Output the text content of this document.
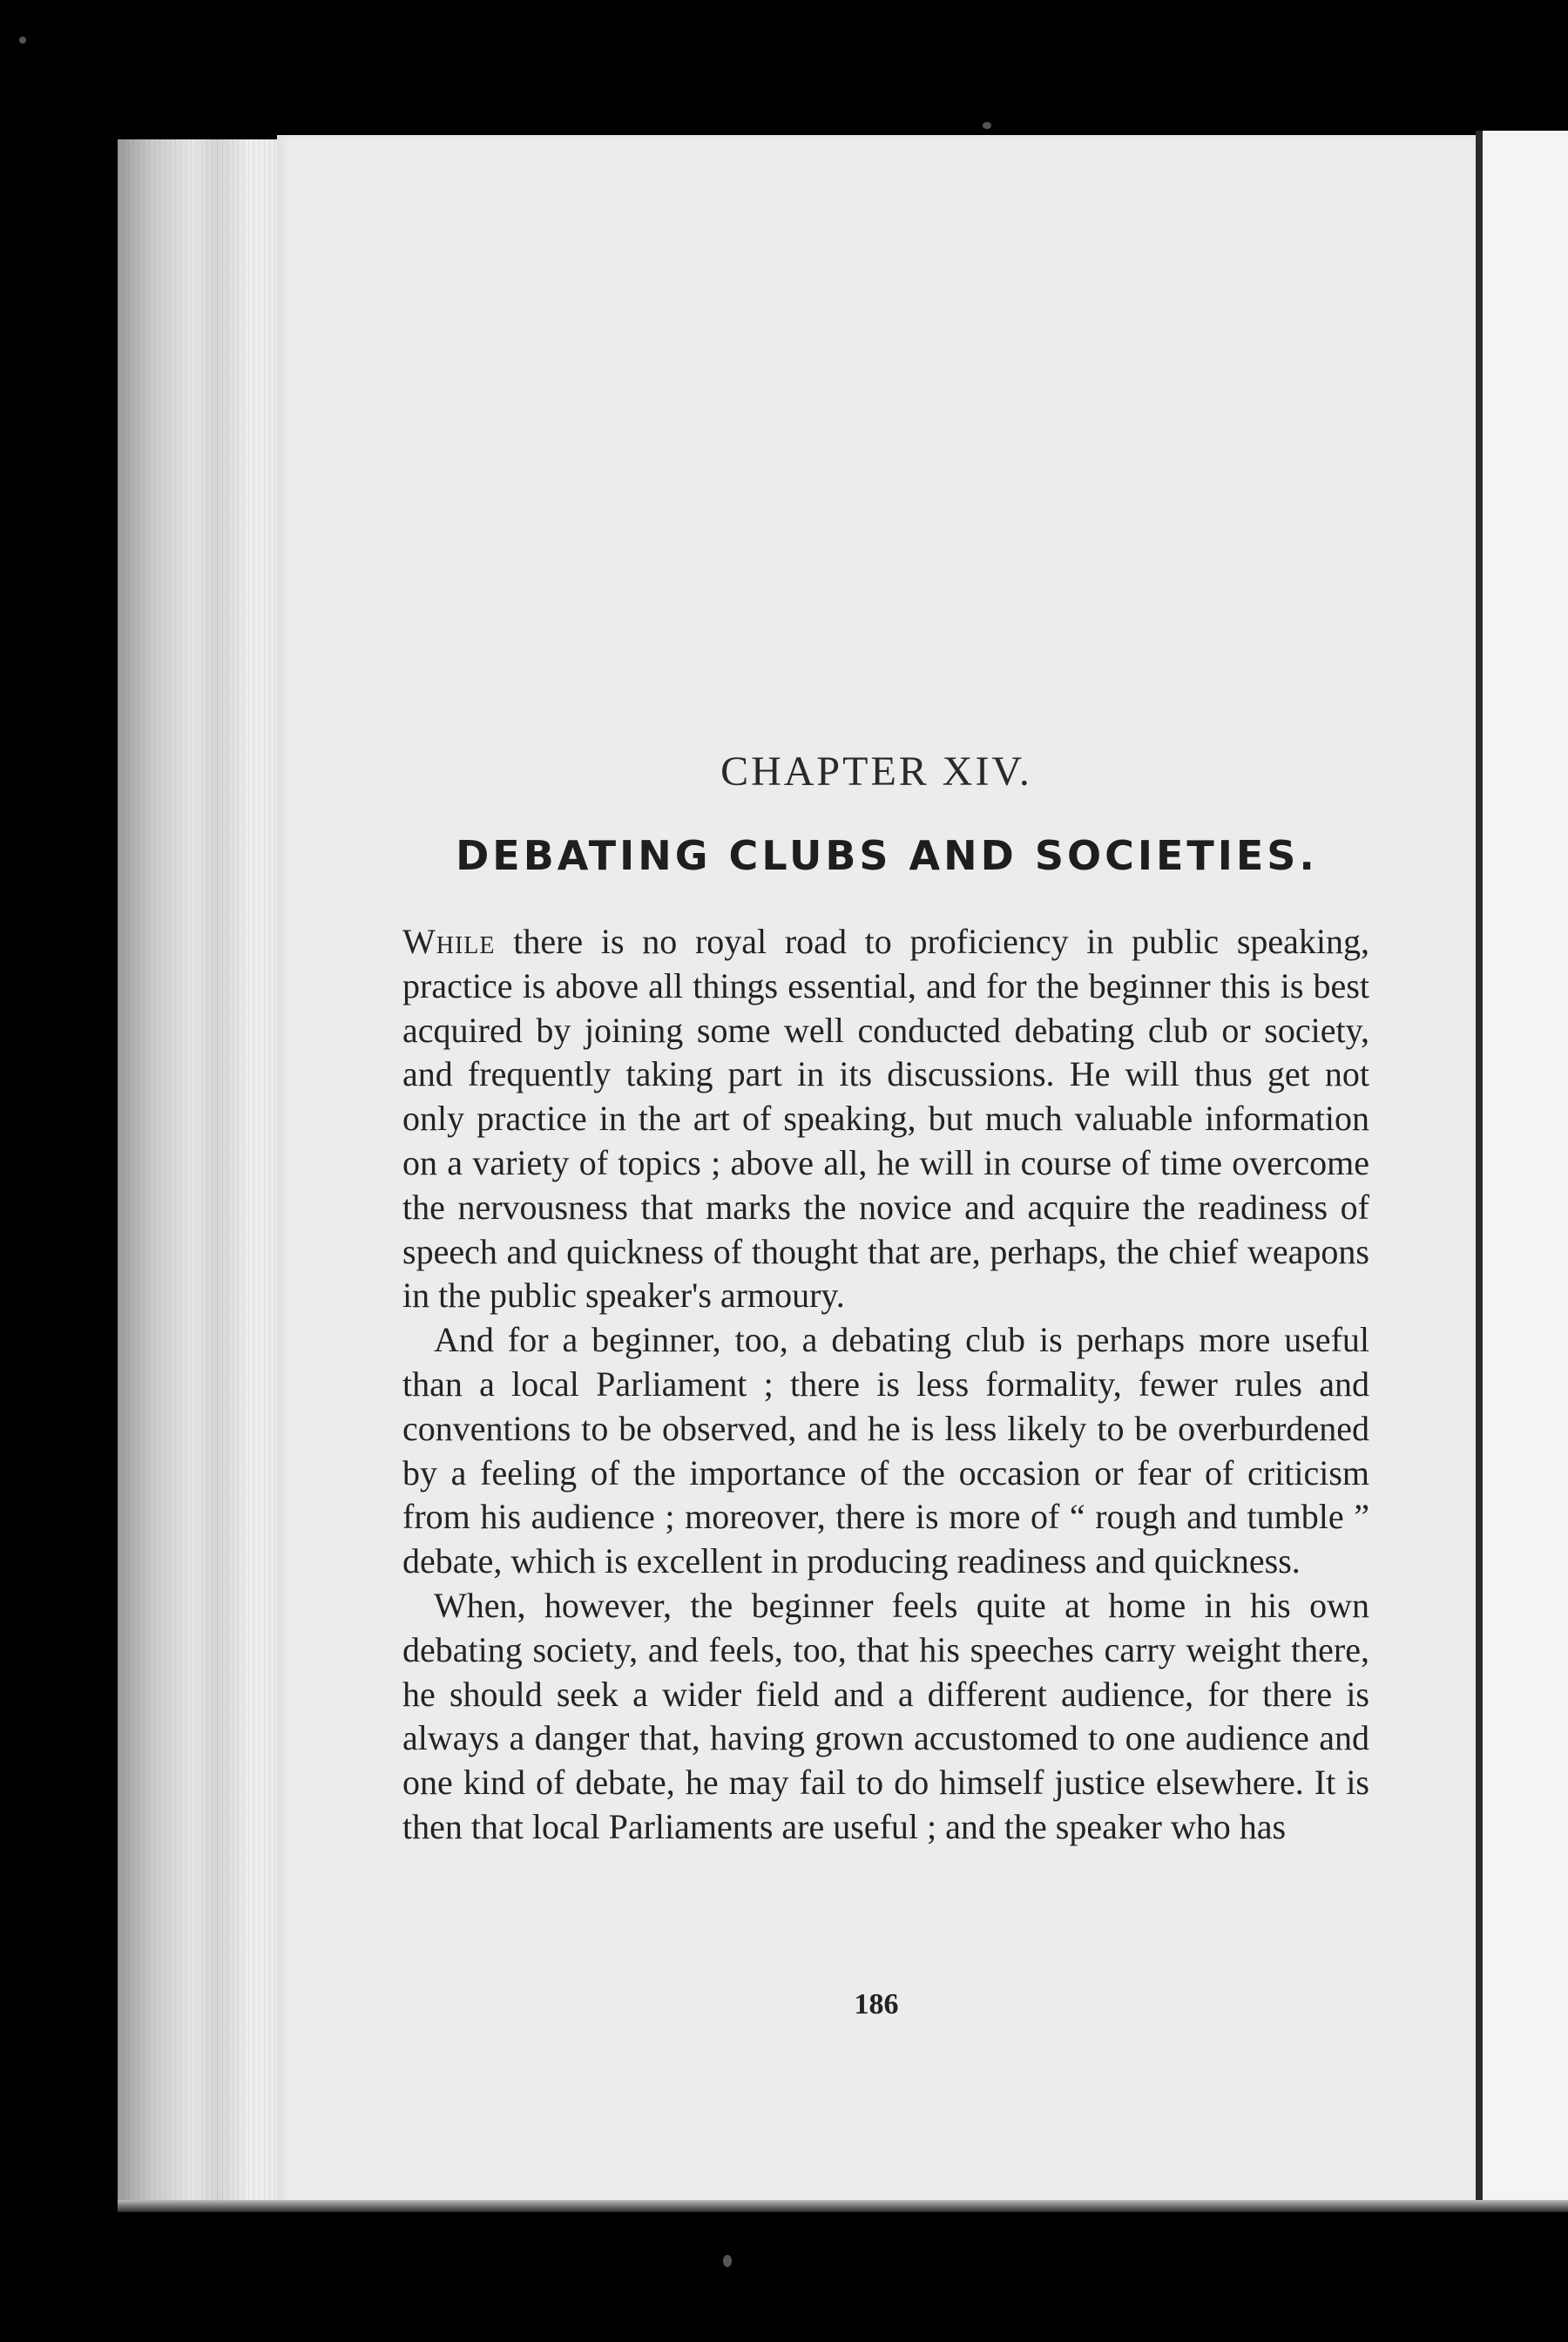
CHAPTER XIV.
DEBATING CLUBS AND SOCIETIES.

While there is no royal road to proficiency in public speaking, practice is above all things essential, and for the beginner this is best acquired by joining some well conducted debating club or society, and frequently taking part in its discussions. He will thus get not only practice in the art of speaking, but much valuable information on a variety of topics ; above all, he will in course of time overcome the nervousness that marks the novice and acquire the readiness of speech and quickness of thought that are, perhaps, the chief weapons in the public speaker's armoury.

And for a beginner, too, a debating club is perhaps more useful than a local Parliament ; there is less formality, fewer rules and conventions to be observed, and he is less likely to be overburdened by a feeling of the importance of the occasion or fear of criticism from his audience ; moreover, there is more of “ rough and tumble ” debate, which is excellent in producing readiness and quickness.

When, however, the beginner feels quite at home in his own debating society, and feels, too, that his speeches carry weight there, he should seek a wider field and a different audience, for there is always a danger that, having grown accustomed to one audience and one kind of debate, he may fail to do himself justice elsewhere. It is then that local Parliaments are useful ; and the speaker who has

186
